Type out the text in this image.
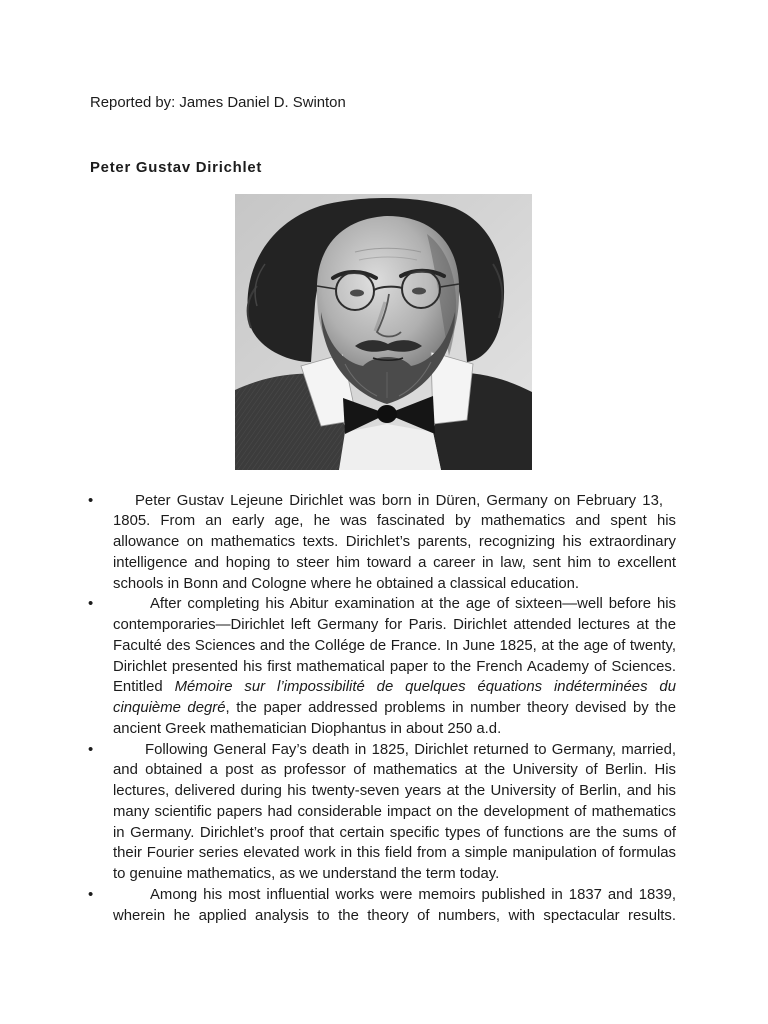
Reported by: James Daniel D. Swinton
Peter Gustav Dirichlet
•	Peter Gustav Lejeune Dirichlet was born in Düren, Germany on February 13,
1805. From an early age, he was fascinated by mathematics and spent his
allowance on mathematics texts. Dirichlet’s parents, recognizing his extraordinary
intelligence and hoping to steer him toward a career in law, sent him to excellent
schools in Bonn and Cologne where he obtained a classical education.
•	After completing his Abitur examination at the age of sixteen—well before his
contemporaries—Dirichlet left Germany for Paris. Dirichlet attended lectures at the
Faculté des Sciences and the Collége de France. In June 1825, at the age of twenty,
Dirichlet presented his first mathematical paper to the French Academy of Sciences.
Entitled Mémoire sur l’impossibilité de quelques équations indéterminées du
cinquième degré, the paper addressed problems in number theory devised by the
ancient Greek mathematician Diophantus in about 250 a.d.
•	Following General Fay’s death in 1825, Dirichlet returned to Germany, married,
and obtained a post as professor of mathematics at the University of Berlin. His
lectures, delivered during his twenty-seven years at the University of Berlin, and his
many scientific papers had considerable impact on the development of mathematics
in Germany. Dirichlet’s proof that certain specific types of functions are the sums of
their Fourier series elevated work in this field from a simple manipulation of formulas
to genuine mathematics, as we understand the term today.
•	Among his most influential works were memoirs published in 1837 and 1839,
wherein he applied analysis to the theory of numbers, with spectacular results.
